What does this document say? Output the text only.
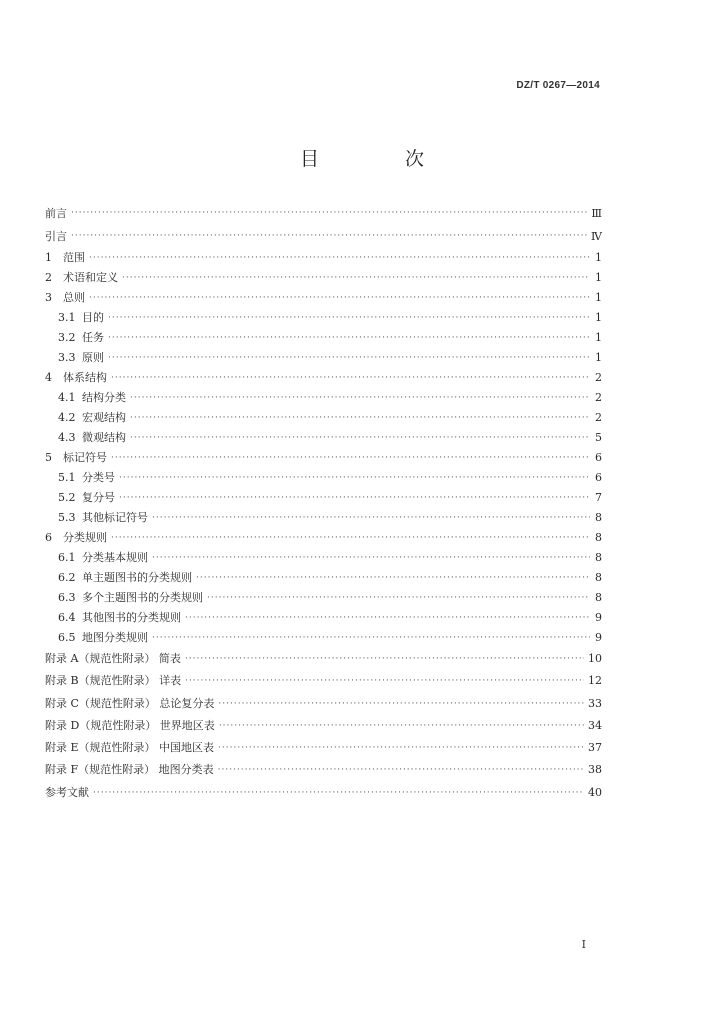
DZ/T 0267—2014
目 次
前言 ·····	Ⅲ
引言 ·····	Ⅳ
1	范围 ·····	1
2	术语和定义 ·····	1
3	总则 ·····	1
3.1 目的 ·····	1
3.2 任务 ·····	1
3.3 原则 ·····	1
4	体系结构 ·····	2
4.1 结构分类 ·····	2
4.2 宏观结构 ·····	2
4.3 微观结构 ·····	5
5	标记符号 ·····	6
5.1 分类号 ·····	6
5.2 复分号 ·····	7
5.3 其他标记符号 ·····	8
6	分类规则 ·····	8
6.1 分类基本规则 ·····	8
6.2 单主题图书的分类规则 ·····	8
6.3 多个主题图书的分类规则 ·····	8
6.4 其他图书的分类规则 ·····	9
6.5 地图分类规则 ·····	9
附录 A（规范性附录） 简表 ·····	10
附录 B（规范性附录） 详表 ·····	12
附录 C（规范性附录） 总论复分表 ·····	33
附录 D（规范性附录） 世界地区表 ·····	34
附录 E（规范性附录） 中国地区表 ·····	37
附录 F（规范性附录） 地图分类表 ·····	38
参考文献 ·····	40
I
